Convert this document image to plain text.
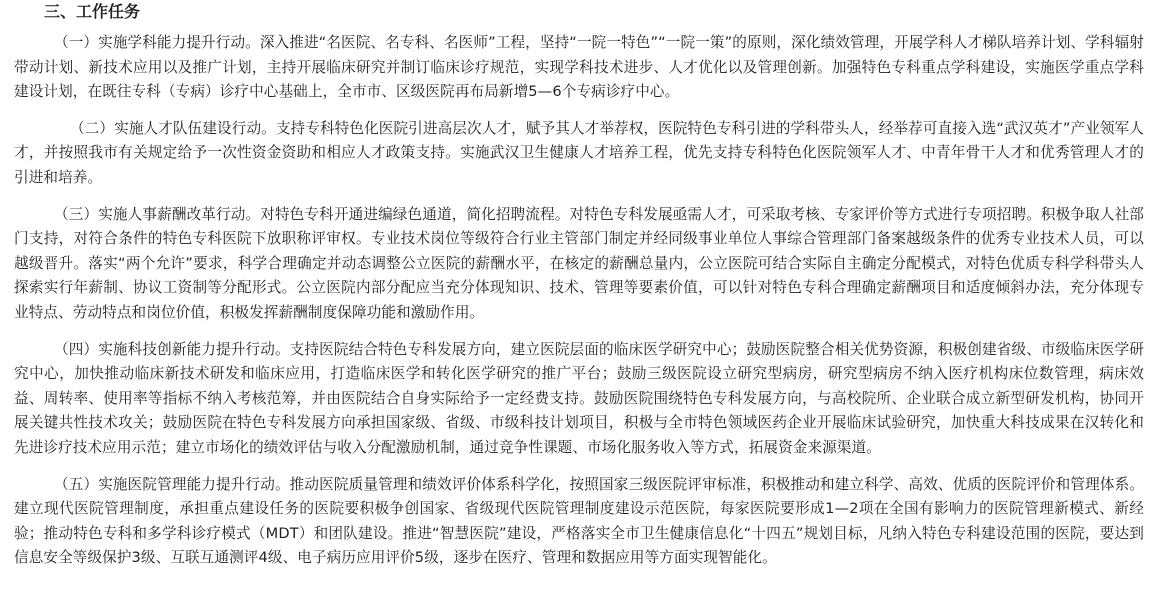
三、工作任务

（一）实施学科能力提升行动。深入推进“名医院、名专科、名医师”工程，坚持“一院一特色”“一院一策”的原则，深化绩效管理，开展学科人才梯队培养计划、学科辐射带动计划、新技术应用以及推广计划，主持开展临床研究并制订临床诊疗规范，实现学科技术进步、人才优化以及管理创新。加强特色专科重点学科建设，实施医学重点学科建设计划，在既往专科（专病）诊疗中心基础上，全市市、区级医院再布局新增5—6个专病诊疗中心。

（二）实施人才队伍建设行动。支持专科特色化医院引进高层次人才，赋予其人才举荐权，医院特色专科引进的学科带头人，经举荐可直接入选“武汉英才”产业领军人才，并按照我市有关规定给予一次性资金资助和相应人才政策支持。实施武汉卫生健康人才培养工程，优先支持专科特色化医院领军人才、中青年骨干人才和优秀管理人才的引进和培养。

（三）实施人事薪酬改革行动。对特色专科开通进编绿色通道，简化招聘流程。对特色专科发展亟需人才，可采取考核、专家评价等方式进行专项招聘。积极争取人社部门支持，对符合条件的特色专科医院下放职称评审权。专业技术岗位等级符合行业主管部门制定并经同级事业单位人事综合管理部门备案越级条件的优秀专业技术人员，可以越级晋升。落实“两个允许”要求，科学合理确定并动态调整公立医院的薪酬水平，在核定的薪酬总量内，公立医院可结合实际自主确定分配模式，对特色优质专科学科带头人探索实行年薪制、协议工资制等分配形式。公立医院内部分配应当充分体现知识、技术、管理等要素价值，可以针对特色专科合理确定薪酬项目和适度倾斜办法，充分体现专业特点、劳动特点和岗位价值，积极发挥薪酬制度保障功能和激励作用。

（四）实施科技创新能力提升行动。支持医院结合特色专科发展方向，建立医院层面的临床医学研究中心；鼓励医院整合相关优势资源，积极创建省级、市级临床医学研究中心，加快推动临床新技术研发和临床应用，打造临床医学和转化医学研究的推广平台；鼓励三级医院设立研究型病房，研究型病房不纳入医疗机构床位数管理，病床效益、周转率、使用率等指标不纳入考核范筹，并由医院结合自身实际给予一定经费支持。鼓励医院围绕特色专科发展方向，与高校院所、企业联合成立新型研发机构，协同开展关键共性技术攻关；鼓励医院在特色专科发展方向承担国家级、省级、市级科技计划项目，积极与全市特色领域医药企业开展临床试验研究，加快重大科技成果在汉转化和先进诊疗技术应用示范；建立市场化的绩效评估与收入分配激励机制，通过竞争性课题、市场化服务收入等方式，拓展资金来源渠道。

（五）实施医院管理能力提升行动。推动医院质量管理和绩效评价体系科学化，按照国家三级医院评审标准，积极推动和建立科学、高效、优质的医院评价和管理体系。建立现代医院管理制度，承担重点建设任务的医院要积极争创国家、省级现代医院管理制度建设示范医院，每家医院要形成1—2项在全国有影响力的医院管理新模式、新经验；推动特色专科和多学科诊疗模式（MDT）和团队建设。推进“智慧医院”建设，严格落实全市卫生健康信息化“十四五”规划目标，凡纳入特色专科建设范围的医院，要达到信息安全等级保护3级、互联互通测评4级、电子病历应用评价5级，逐步在医疗、管理和数据应用等方面实现智能化。
